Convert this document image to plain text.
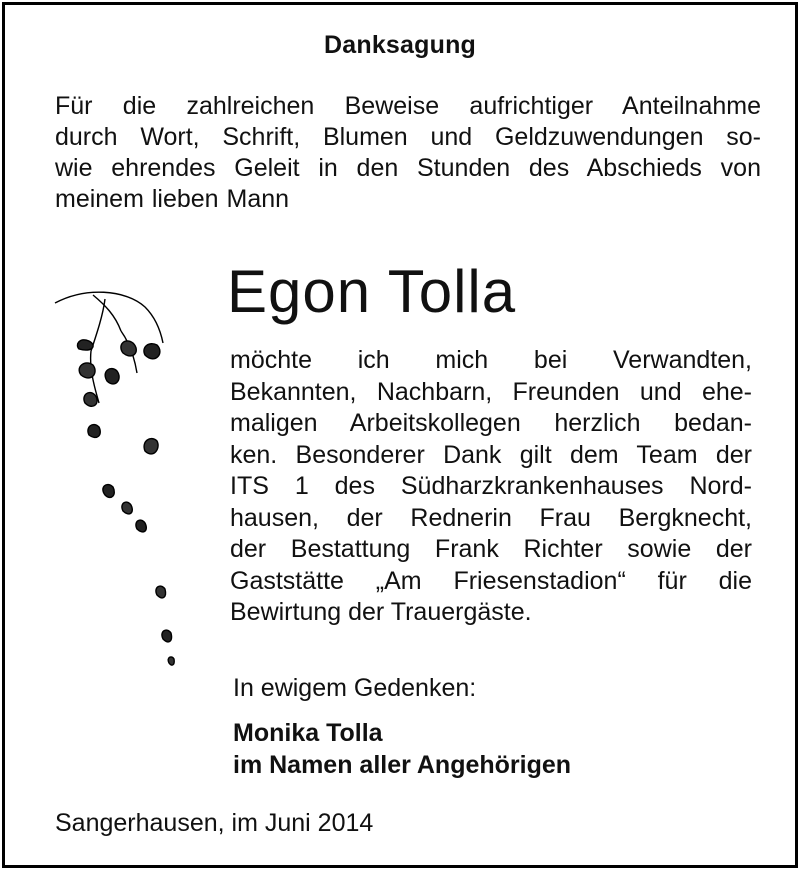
Danksagung
Für die zahlreichen Beweise aufrichtiger Anteilnahme
durch Wort, Schrift, Blumen und Geldzuwendungen so-
wie ehrendes Geleit in den Stunden des Abschieds von
meinem lieben Mann
Egon Tolla
möchte ich mich bei Verwandten,
Bekannten, Nachbarn, Freunden und ehe-
maligen Arbeitskollegen herzlich bedan-
ken. Besonderer Dank gilt dem Team der
ITS 1 des Südharzkrankenhauses Nord-
hausen, der Rednerin Frau Bergknecht,
der Bestattung Frank Richter sowie der
Gaststätte „Am Friesenstadion“ für die
Bewirtung der Trauergäste.
In ewigem Gedenken:
Monika Tolla
im Namen aller Angehörigen
Sangerhausen, im Juni 2014
